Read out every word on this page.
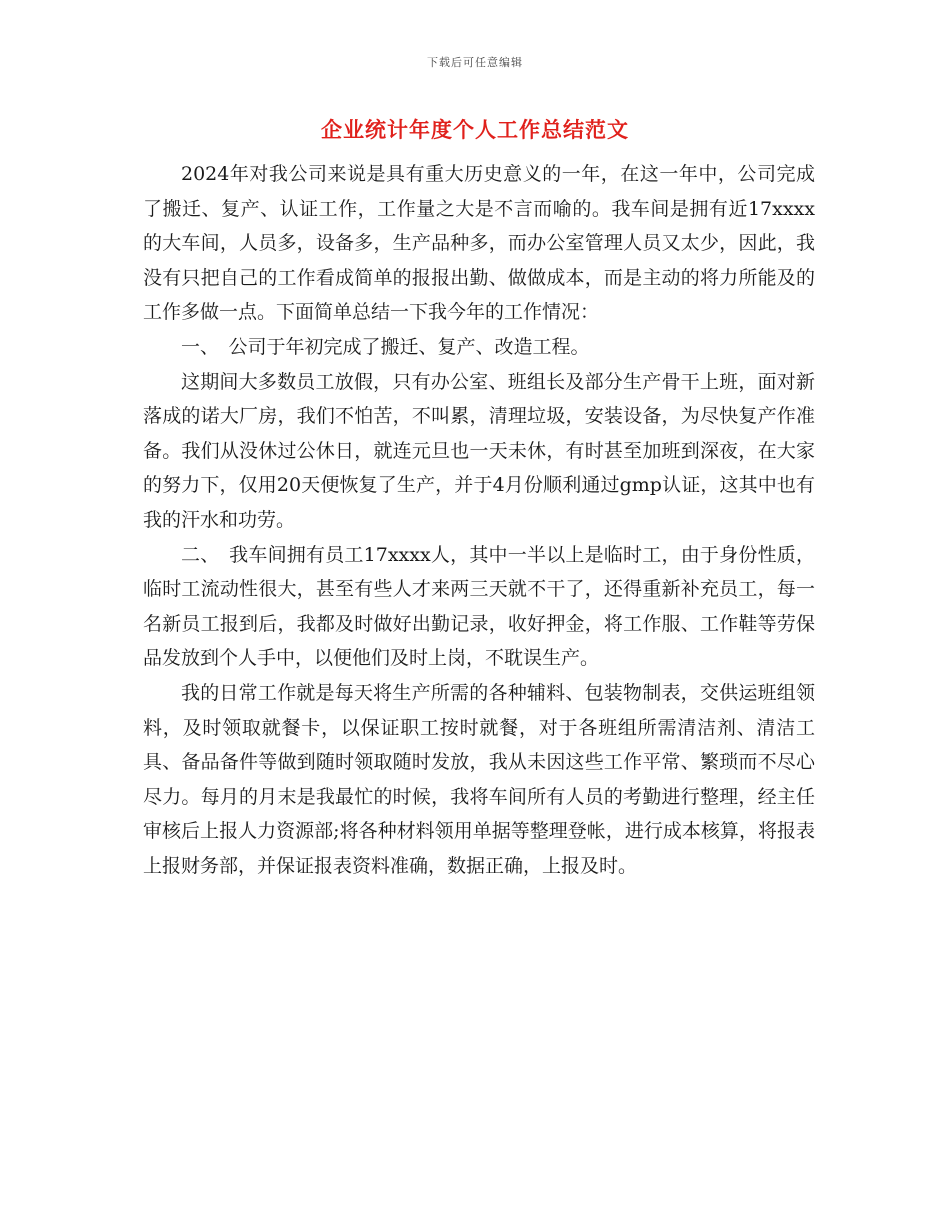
下载后可任意编辑
企业统计年度个人工作总结范文

2024年对我公司来说是具有重大历史意义的一年，在这一年中，公司完成了搬迁、复产、认证工作，工作量之大是不言而喻的。我车间是拥有近17xxxx的大车间，人员多，设备多，生产品种多，而办公室管理人员又太少，因此，我没有只把自己的工作看成简单的报报出勤、做做成本，而是主动的将力所能及的工作多做一点。下面简单总结一下我今年的工作情况：

一、　公司于年初完成了搬迁、复产、改造工程。

这期间大多数员工放假，只有办公室、班组长及部分生产骨干上班，面对新落成的诺大厂房，我们不怕苦，不叫累，清理垃圾，安装设备，为尽快复产作准备。我们从没休过公休日，就连元旦也一天未休，有时甚至加班到深夜，在大家的努力下，仅用20天便恢复了生产，并于4月份顺利通过gmp认证，这其中也有我的汗水和功劳。

二、　我车间拥有员工17xxxx人，其中一半以上是临时工，由于身份性质，临时工流动性很大，甚至有些人才来两三天就不干了，还得重新补充员工，每一名新员工报到后，我都及时做好出勤记录，收好押金，将工作服、工作鞋等劳保品发放到个人手中，以便他们及时上岗，不耽误生产。

我的日常工作就是每天将生产所需的各种辅料、包装物制表，交供运班组领料，及时领取就餐卡，以保证职工按时就餐，对于各班组所需清洁剂、清洁工具、备品备件等做到随时领取随时发放，我从未因这些工作平常、繁琐而不尽心尽力。每月的月末是我最忙的时候，我将车间所有人员的考勤进行整理，经主任审核后上报人力资源部;将各种材料领用单据等整理登帐，进行成本核算，将报表上报财务部，并保证报表资料准确，数据正确，上报及时。
